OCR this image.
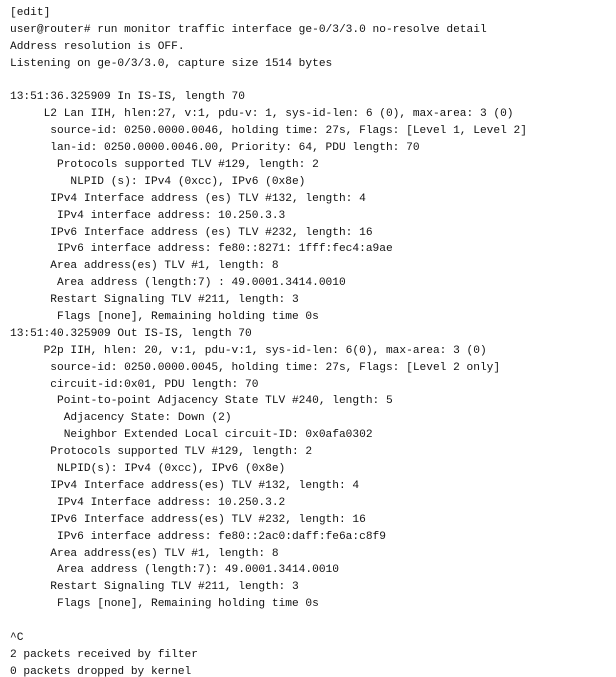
[edit]
user@router# run monitor traffic interface ge-0/3/3.0 no-resolve detail
Address resolution is OFF.
Listening on ge-0/3/3.0, capture size 1514 bytes
13:51:36.325909 In IS-IS, length 70
L2 Lan IIH, hlen:27, v:1, pdu-v: 1, sys-id-len: 6 (0), max-area: 3 (0)
source-id: 0250.0000.0046, holding time: 27s, Flags: [Level 1, Level 2]
lan-id: 0250.0000.0046.00, Priority: 64, PDU length: 70
Protocols supported TLV #129, length: 2
NLPID (s): IPv4 (0xcc), IPv6 (0x8e)
IPv4 Interface address (es) TLV #132, length: 4
IPv4 interface address: 10.250.3.3
IPv6 Interface address (es) TLV #232, length: 16
IPv6 interface address: fe80::8271: 1fff:fec4:a9ae
Area address(es) TLV #1, length: 8
Area address (length:7) : 49.0001.3414.0010
Restart Signaling TLV #211, length: 3
Flags [none], Remaining holding time 0s
13:51:40.325909 Out IS-IS, length 70
P2p IIH, hlen: 20, v:1, pdu-v:1, sys-id-len: 6(0), max-area: 3 (0)
source-id: 0250.0000.0045, holding time: 27s, Flags: [Level 2 only]
circuit-id:0x01, PDU length: 70
Point-to-point Adjacency State TLV #240, length: 5
Adjacency State: Down (2)
Neighbor Extended Local circuit-ID: 0x0afa0302
Protocols supported TLV #129, length: 2
NLPID(s): IPv4 (0xcc), IPv6 (0x8e)
IPv4 Interface address(es) TLV #132, length: 4
IPv4 Interface address: 10.250.3.2
IPv6 Interface address(es) TLV #232, length: 16
IPv6 interface address: fe80::2ac0:daff:fe6a:c8f9
Area address(es) TLV #1, length: 8
Area address (length:7): 49.0001.3414.0010
Restart Signaling TLV #211, length: 3
Flags [none], Remaining holding time 0s
^C
2 packets received by filter
0 packets dropped by kernel
